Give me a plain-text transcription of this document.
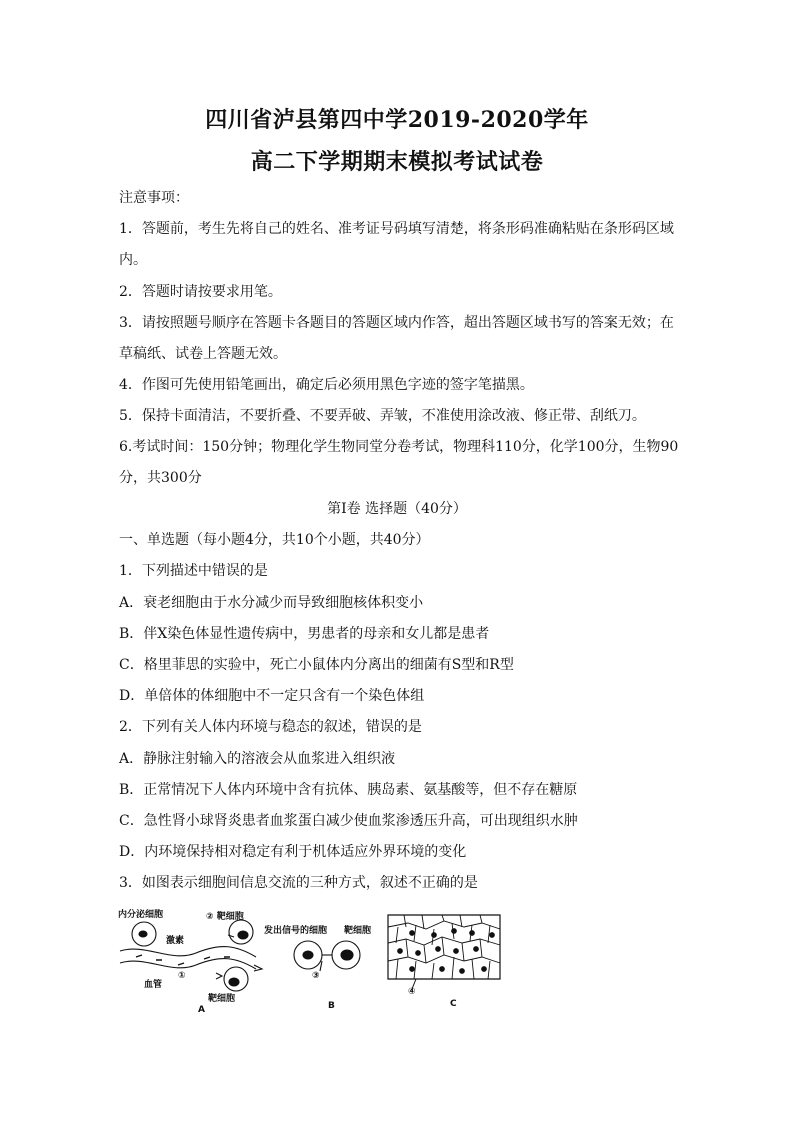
四川省泸县第四中学2019-2020学年
高二下学期期末模拟考试试卷
注意事项：
1．答题前，考生先将自己的姓名、准考证号码填写清楚，将条形码准确粘贴在条形码区域
内。
2．答题时请按要求用笔。
3．请按照题号顺序在答题卡各题目的答题区域内作答，超出答题区域书写的答案无效；在
草稿纸、试卷上答题无效。
4．作图可先使用铅笔画出，确定后必须用黑色字迹的签字笔描黑。
5．保持卡面清洁，不要折叠、不要弄破、弄皱，不准使用涂改液、修正带、刮纸刀。
6.考试时间：150分钟；物理化学生物同堂分卷考试，物理科110分，化学100分，生物90
分，共300分
第Ⅰ卷 选择题（40分）
一、单选题（每小题4分，共10个小题，共40分）
1．下列描述中错误的是
A．衰老细胞由于水分减少而导致细胞核体积变小
B．伴X染色体显性遗传病中，男患者的母亲和女儿都是患者
C．格里菲思的实验中，死亡小鼠体内分离出的细菌有S型和R型
D．单倍体的体细胞中不一定只含有一个染色体组
2．下列有关人体内环境与稳态的叙述，错误的是
A．静脉注射输入的溶液会从血浆进入组织液
B．正常情况下人体内环境中含有抗体、胰岛素、氨基酸等，但不存在糖原
C．急性肾小球肾炎患者血浆蛋白减少使血浆渗透压升高，可出现组织水肿
D．内环境保持相对稳定有利于机体适应外界环境的变化
3．如图表示细胞间信息交流的三种方式，叙述不正确的是
内分泌细胞
激素
② 靶细胞
血管
①
靶细胞
A
发出信号的细胞 靶细胞
③
B
④
C
